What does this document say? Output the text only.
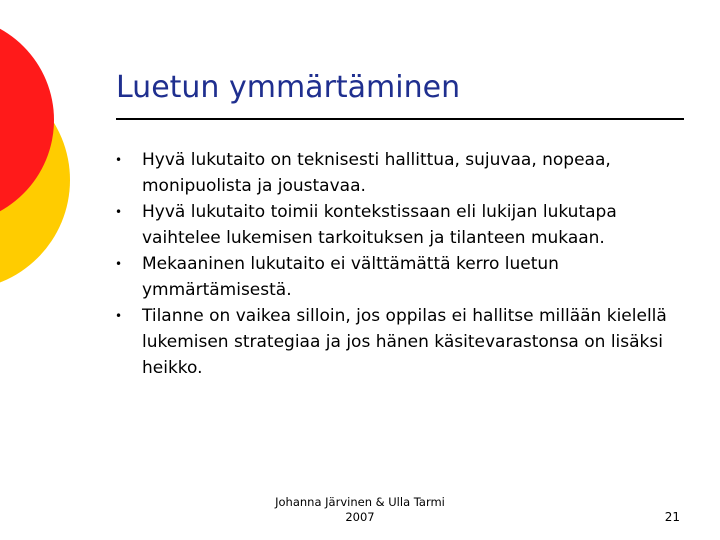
Luetun ymmärtäminen
• Hyvä lukutaito on teknisesti hallittua, sujuvaa, nopeaa, monipuolista ja joustavaa.
• Hyvä lukutaito toimii kontekstissaan eli lukijan lukutapa vaihtelee lukemisen tarkoituksen ja tilanteen mukaan.
• Mekaaninen lukutaito ei välttämättä kerro luetun ymmärtämisestä.
• Tilanne on vaikea silloin, jos oppilas ei hallitse millään kielellä lukemisen strategiaa ja jos hänen käsitevarastonsa on lisäksi heikko.
Johanna Järvinen & Ulla Tarmi
2007	21
